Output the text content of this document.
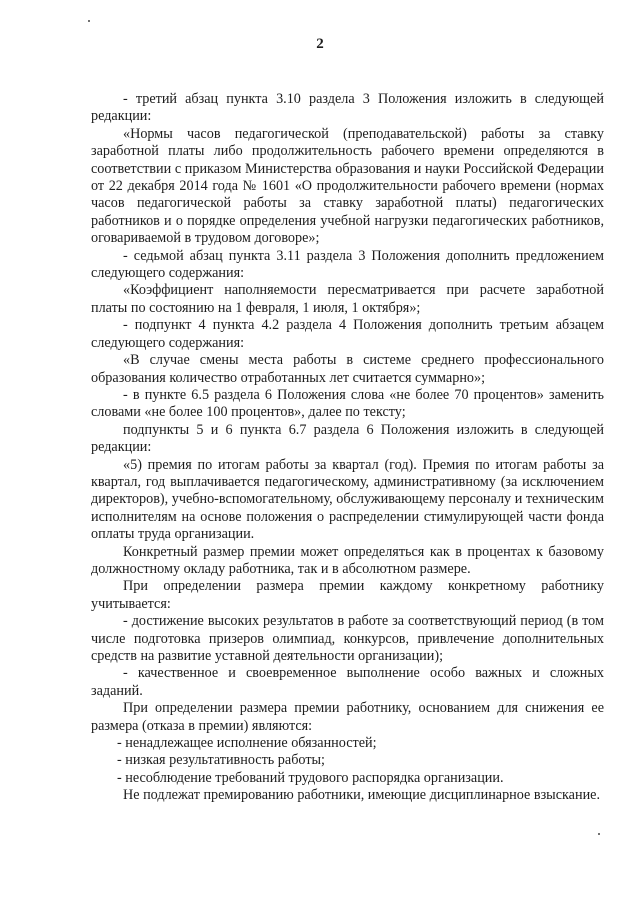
2

- третий абзац пункта 3.10 раздела 3 Положения изложить в следующей редакции:

«Нормы часов педагогической (преподавательской) работы за ставку заработной платы либо продолжительность рабочего времени определяются в соответствии с приказом Министерства образования и науки Российской Федерации от 22 декабря 2014 года № 1601 «О продолжительности рабочего времени (нормах часов педагогической работы за ставку заработной платы) педагогических работников и о порядке определения учебной нагрузки педагогических работников, оговариваемой в трудовом договоре»;

- седьмой абзац пункта 3.11 раздела 3 Положения дополнить предложением следующего содержания:

«Коэффициент наполняемости пересматривается при расчете заработной платы по состоянию на 1 февраля, 1 июля, 1 октября»;

- подпункт 4 пункта 4.2 раздела 4 Положения дополнить третьим абзацем следующего содержания:

«В случае смены места работы в системе среднего профессионального образования количество отработанных лет считается суммарно»;

- в пункте 6.5 раздела 6 Положения слова «не более 70 процентов» заменить словами «не более 100 процентов», далее по тексту;

подпункты 5 и 6 пункта 6.7 раздела 6 Положения изложить в следующей редакции:

«5) премия по итогам работы за квартал (год). Премия по итогам работы за квартал, год выплачивается педагогическому, административному (за исключением директоров), учебно-вспомогательному, обслуживающему персоналу и техническим исполнителям на основе положения о распределении стимулирующей части фонда оплаты труда организации.

Конкретный размер премии может определяться как в процентах к базовому должностному окладу работника, так и в абсолютном размере.

При определении размера премии каждому конкретному работнику учитывается:

- достижение высоких результатов в работе за соответствующий период (в том числе подготовка призеров олимпиад, конкурсов, привлечение дополнительных средств на развитие уставной деятельности организации);

- качественное и своевременное выполнение особо важных и сложных заданий.

При определении размера премии работнику, основанием для снижения ее размера (отказа в премии) являются:

- ненадлежащее исполнение обязанностей;

- низкая результативность работы;

- несоблюдение требований трудового распорядка организации.

Не подлежат премированию работники, имеющие дисциплинарное взыскание.
